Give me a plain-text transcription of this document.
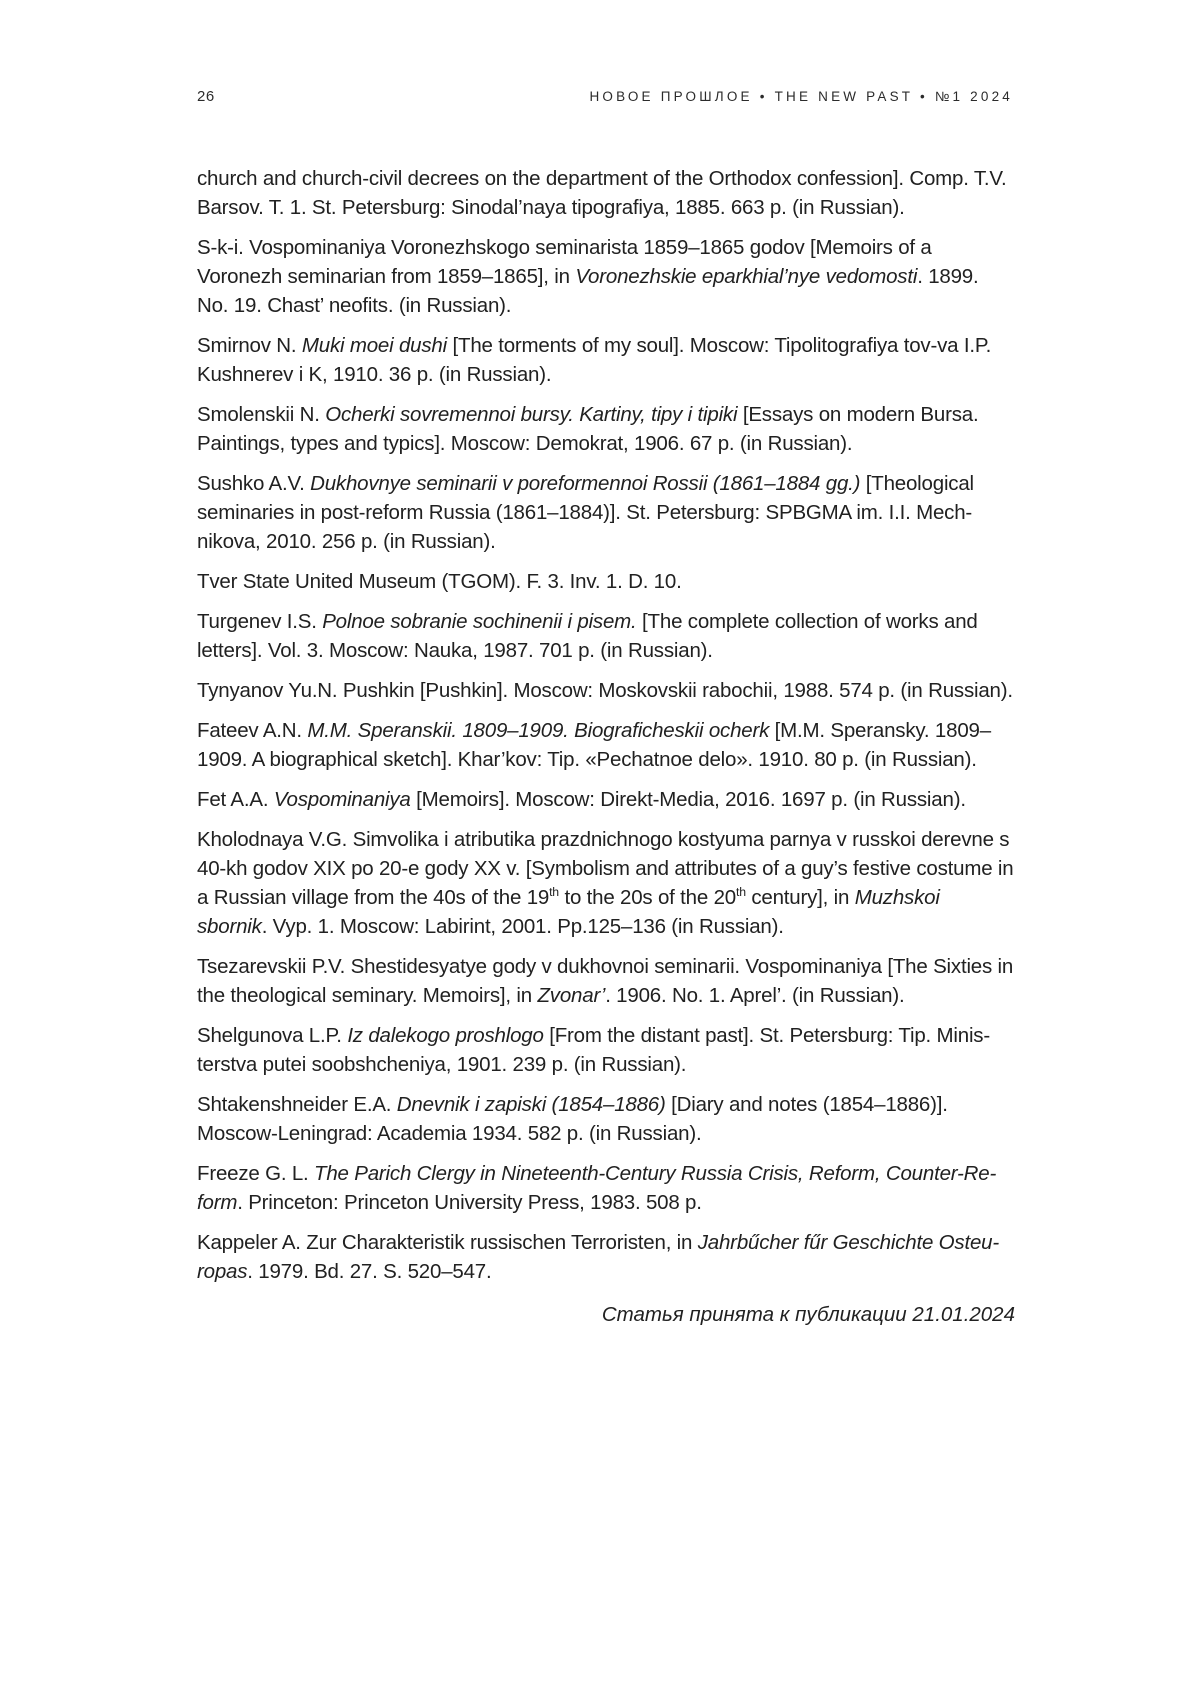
26	НОВОЕ ПРОШЛОЕ • THE NEW PAST • №1 2024

church and church-civil decrees on the department of the Orthodox confession]. Comp. T.V. Barsov. T. 1. St. Petersburg: Sinodal’naya tipografiya, 1885. 663 p. (in Russian).

S-k-i. Vospominaniya Voronezhskogo seminarista 1859–1865 godov [Memoirs of a Voronezh seminarian from 1859–1865], in Voronezhskie eparkhial’nye vedomosti. 1899. No. 19. Chast’ neofits. (in Russian).

Smirnov N. Muki moei dushi [The torments of my soul]. Moscow: Tipolitografiya tov-va I.P. Kushnerev i K, 1910. 36 p. (in Russian).

Smolenskii N. Ocherki sovremennoi bursy. Kartiny, tipy i tipiki [Essays on modern Bursa. Paintings, types and typics]. Moscow: Demokrat, 1906. 67 p. (in Russian).

Sushko A.V. Dukhovnye seminarii v poreformennoi Rossii (1861–1884 gg.) [Theological seminaries in post-reform Russia (1861–1884)]. St. Petersburg: SPBGMA im. I.I. Mech-nikova, 2010. 256 p. (in Russian).

Tver State United Museum (TGOM). F. 3. Inv. 1. D. 10.

Turgenev I.S. Polnoe sobranie sochinenii i pisem. [The complete collection of works and letters]. Vol. 3. Moscow: Nauka, 1987. 701 p. (in Russian).

Tynyanov Yu.N. Pushkin [Pushkin]. Moscow: Moskovskii rabochii, 1988. 574 p. (in Russian).

Fateev A.N. M.M. Speranskii. 1809–1909. Biograficheskii ocherk [M.M. Speransky. 1809–1909. A biographical sketch]. Khar’kov: Tip. «Pechatnoe delo». 1910. 80 p. (in Russian).

Fet A.A. Vospominaniya [Memoirs]. Moscow: Direkt-Media, 2016. 1697 p. (in Russian).

Kholodnaya V.G. Simvolika i atributika prazdnichnogo kostyuma parnya v russkoi derevne s 40-kh godov XIX po 20-e gody XX v. [Symbolism and attributes of a guy’s festive costume in a Russian village from the 40s of the 19th to the 20s of the 20th century], in Muzhskoi sbornik. Vyp. 1. Moscow: Labirint, 2001. Pp.125–136 (in Russian).

Tsezarevskii P.V. Shestidesyatye gody v dukhovnoi seminarii. Vospominaniya [The Sixties in the theological seminary. Memoirs], in Zvonar’. 1906. No. 1. Aprel’. (in Russian).

Shelgunova L.P. Iz dalekogo proshlogo [From the distant past]. St. Petersburg: Tip. Minis-terstva putei soobshcheniya, 1901. 239 p. (in Russian).

Shtakenshneider E.A. Dnevnik i zapiski (1854–1886) [Diary and notes (1854–1886)]. Moscow-Leningrad: Academia 1934. 582 p. (in Russian).

Freeze G. L. The Parich Clergy in Nineteenth-Century Russia Crisis, Reform, Counter-Re-form. Princeton: Princeton University Press, 1983. 508 p.

Kappeler A. Zur Charakteristik russischen Terroristen, in Jahrbűcher fűr Geschichte Osteu-ropas. 1979. Bd. 27. S. 520–547.

Статья принята к публикации 21.01.2024
